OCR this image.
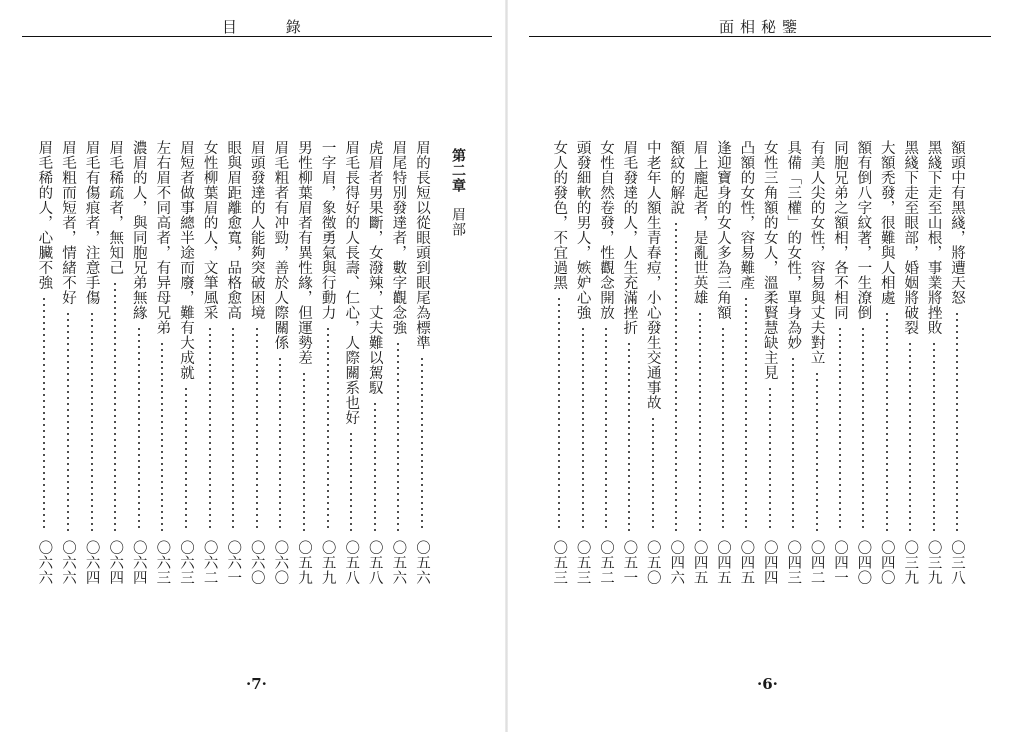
目 錄
第二章眉部
眉的長短以從眼頭到眼尾為標準
〇五六
眉尾特別發達者，數字觀念強
〇五六
虎眉者男果斷，女潑辣，丈夫難以駕馭
〇五八
眉毛長得好的人長壽、仁心，人際關系也好
〇五八
一字眉，象徵勇氣與行動力
〇五九
男性柳葉眉者有異性緣，但運勢差
〇五九
眉毛粗者有冲勁，善於人際關係
〇六〇
眉頭發達的人能夠突破困境
〇六〇
眼與眉距離愈寬，品格愈高
〇六一
女性柳葉眉的人，文筆風采
〇六二
眉短者做事總半途而廢，難有大成就
〇六三
左右眉不同高者，有异母兄弟
〇六三
濃眉的人，與同胞兄弟無緣
〇六四
眉毛稀疏者，無知己
〇六四
眉毛有傷痕者，注意手傷
〇六四
眉毛粗而短者，情緒不好
〇六六
眉毛稀的人，心臟不強
〇六六
·7·
面相秘鑒
額頭中有黑綫，將遭天怒
〇三八
黑綫下走至山根，事業將挫敗
〇三九
黑綫下走至眼部，婚姻將破裂
〇三九
大額禿發，很難與人相處
〇四〇
額有倒八字紋著，一生潦倒
〇四〇
同胞兄弟之額相，各不相同
〇四一
有美人尖的女性，容易與丈夫對立
〇四二
具備「三權」的女性，單身為妙
〇四三
女性三角額的女人，溫柔賢慧缺主見
〇四四
凸額的女性，容易難產
〇四五
逢迎寶身的女人多為三角額
〇四五
眉上龐起者，是亂世英雄
〇四五
額紋的解說
〇四六
中老年人額生青春痘，小心發生交通事故
〇五〇
眉毛發達的人，人生充滿挫折
〇五一
女性自然卷發，性觀念開放
〇五二
頭發細軟的男人，嫉妒心強
〇五三
女人的發色，不宜過黑
〇五三
·6·
